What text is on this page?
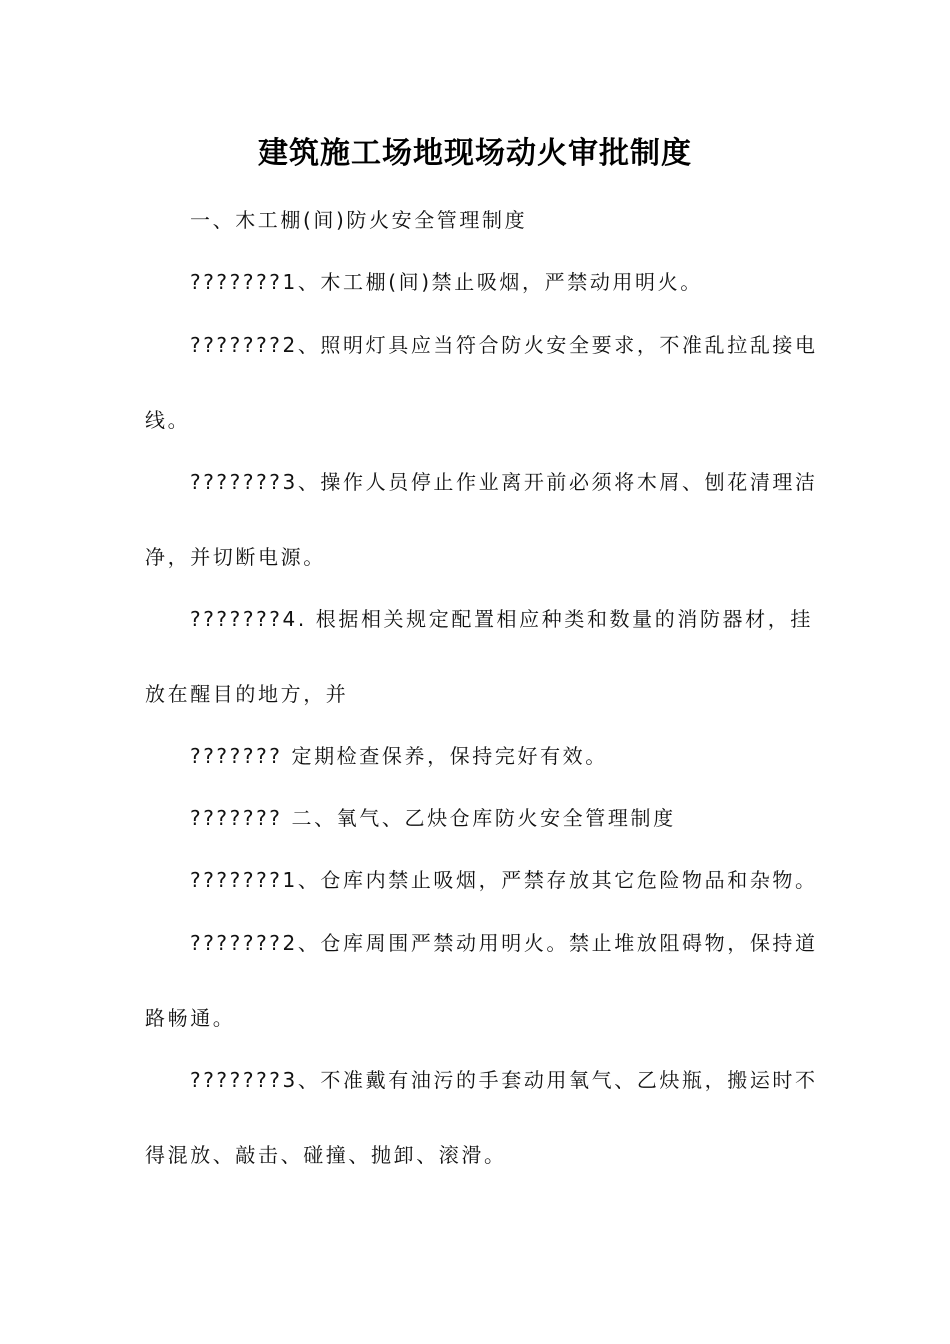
建筑施工场地现场动火审批制度

一、木工棚(间)防火安全管理制度

???????1、木工棚(间)禁止吸烟，严禁动用明火。

???????2、照明灯具应当符合防火安全要求，不准乱拉乱接电

线。

???????3、操作人员停止作业离开前必须将木屑、刨花清理洁

净，并切断电源。

???????4. 根据相关规定配置相应种类和数量的消防器材，挂

放在醒目的地方，并

??????? 定期检查保养，保持完好有效。

??????? 二、氧气、乙炔仓库防火安全管理制度

???????1、仓库内禁止吸烟，严禁存放其它危险物品和杂物。

???????2、仓库周围严禁动用明火。禁止堆放阻碍物，保持道

路畅通。

???????3、不准戴有油污的手套动用氧气、乙炔瓶，搬运时不

得混放、敲击、碰撞、抛卸、滚滑。
